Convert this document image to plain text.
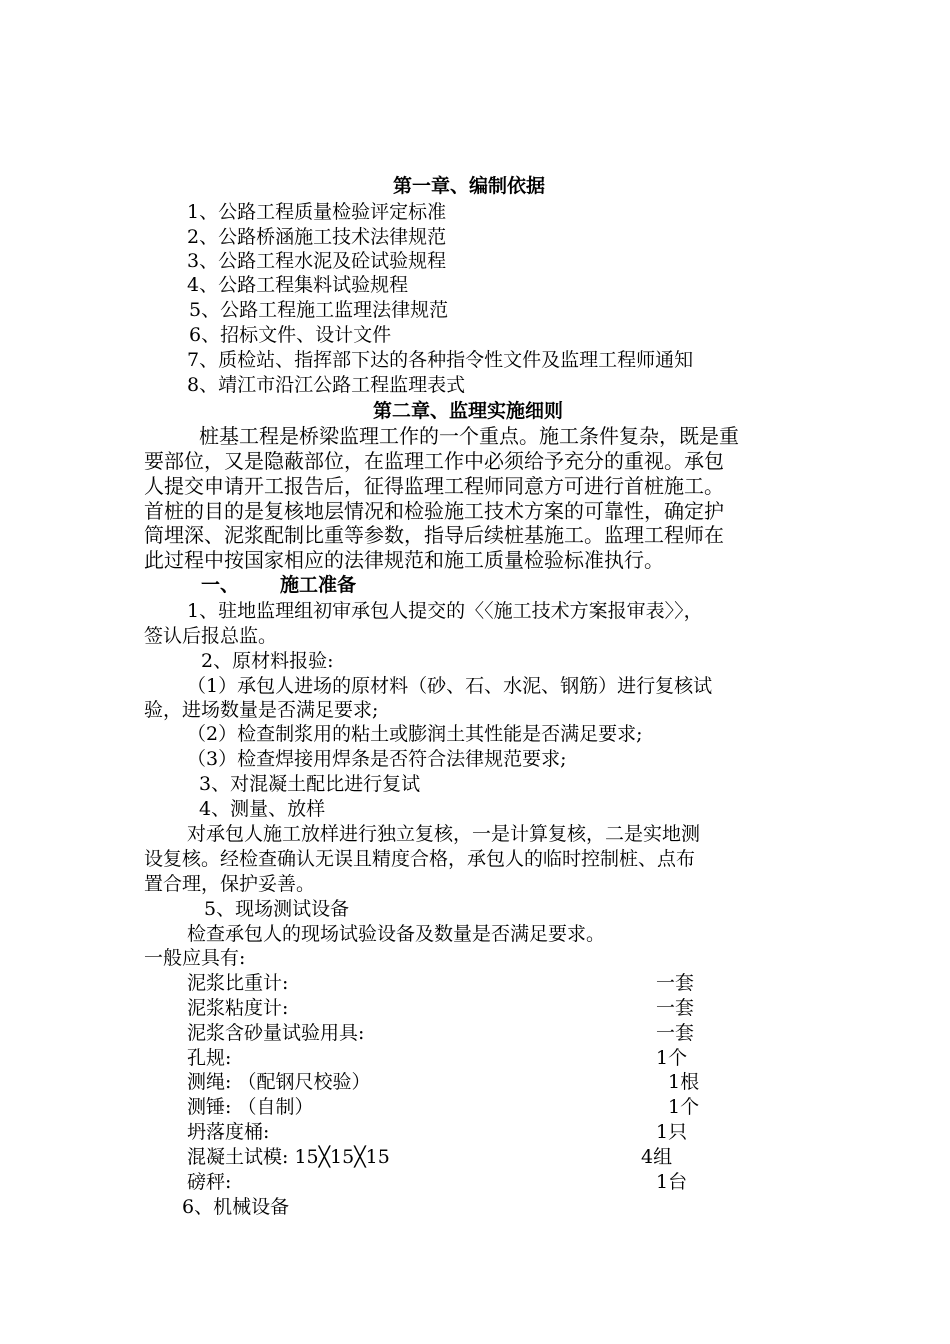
第一章、编制依据
1、公路工程质量检验评定标准
2、公路桥涵施工技术法律规范
3、公路工程水泥及砼试验规程
4、公路工程集料试验规程
5、公路工程施工监理法律规范
6、招标文件、设计文件
7、质检站、指挥部下达的各种指令性文件及监理工程师通知
8、靖江市沿江公路工程监理表式
第二章、监理实施细则
桩基工程是桥梁监理工作的一个重点。施工条件复杂，既是重
要部位，又是隐蔽部位，在监理工作中必须给予充分的重视。承包
人提交申请开工报告后，征得监理工程师同意方可进行首桩施工。
首桩的目的是复核地层情况和检验施工技术方案的可靠性，确定护
筒埋深、泥浆配制比重等参数，指导后续桩基施工。监理工程师在
此过程中按国家相应的法律规范和施工质量检验标准执行。
一、 施工准备
1、驻地监理组初审承包人提交的〈〈施工技术方案报审表〉〉，
签认后报总监。
2、原材料报验:
（1）承包人进场的原材料（砂、石、水泥、钢筋）进行复核试
验，进场数量是否满足要求;
（2）检查制浆用的粘土或膨润土其性能是否满足要求;
（3）检查焊接用焊条是否符合法律规范要求;
3、对混凝土配比进行复试
4、测量、放样
对承包人施工放样进行独立复核，一是计算复核，二是实地测
设复核。经检查确认无误且精度合格，承包人的临时控制桩、点布
置合理，保护妥善。
5、现场测试设备
检查承包人的现场试验设备及数量是否满足要求。
一般应具有:
泥浆比重计:	一套
泥浆粘度计:	一套
泥浆含砂量试验用具:	一套
孔规:	1个
测绳: （配钢尺校验）	1根
测锤: （自制）	1个
坍落度桶:	1只
混凝土试模: 15╳15╳15	4组
磅秤:	1台
6、机械设备
